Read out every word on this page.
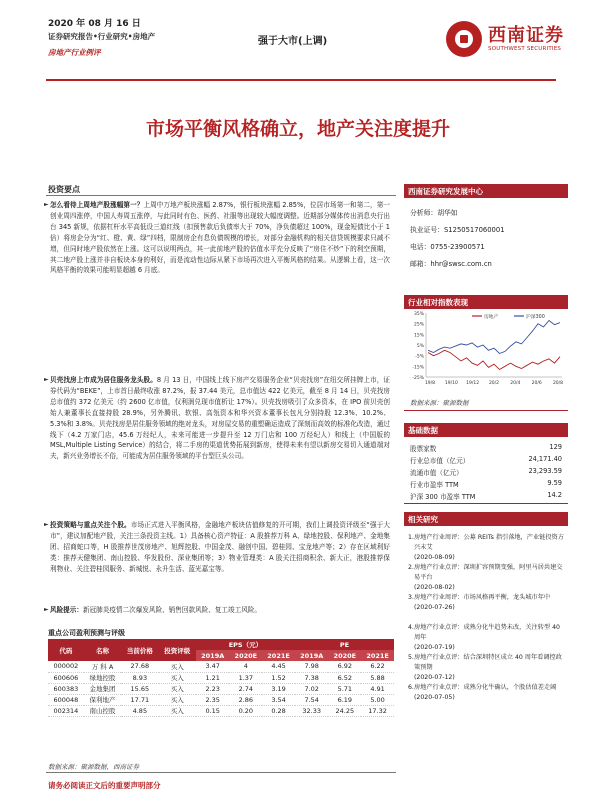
2020 年 08 月 16 日
证券研究报告•行业研究•房地产
房地产行业例评
强于大市(上调)	西南证券
SOUTHWEST SECURITIES
市场平衡风格确立，地产关注度提升
投资要点
► 怎么看待上周地产股涨幅第一？上周中万地产板块涨幅 2.87%，银行板块涨幅 2.85%，位居市场第一和第二，第一创业周四涨停，中国人寿周五涨停，与此同时有色、医药、社服等出现较大幅度调整。近期部分媒体传出消息央行出台 345 新规，依据杠杆水平高低设三道红线（扣预售款后负债率大于 70%，净负债超过 100%，现金短债比小于 1 倍）将房企分为“红、橙、黄、绿”四档，限制房企有息负债规模的增长，对部分金融机构的相关信贷规模要求只减不增，但同时地产股依然在上涨。这可以说明两点，其一此前地产股的估值水平充分反映了“房住不炒”下的利空预期，其二地产股上涨并非自板块本身的利好，而是流动性边际从紧下市场再次进入平衡风格的结果。从逻辑上看，这一次风格平衡的效果可能明显超越 6 月底。
► 贝壳找房上市成为居住服务龙头股。8 月 13 日，中国线上线下房产交易服务企业“贝壳找房”在纽交所挂牌上市，证券代码为“BEKE”，上市首日最终收涨 87.2%，报 37.44 美元，总市值达 422 亿美元，截至 8 月 14 日，贝壳找房总市值约 372 亿美元（约 2600 亿市值，仅利润兑现市值析让 17%）。贝壳找房吸引了众多资本，在 IPO 前贝壳创始人兼董事长直接持股 28.9%，另外腾讯、软银、高瓴资本和华兴资本董事长包凡分别持股 12.3%、10.2%、5.3%和 3.8%。贝壳找房是居住服务领域的绝对龙头，对房屋交易的重塑确运造成了深刻而高效的标准化改造，通过线下（4.2 万家门店，45.6 万经纪人，未来可能进一步提升至 12 万门店和 100 万经纪人）和线上（中国版的 MSL,Multiple Listing Service）的结合，将二手房的渠道优势拓展到新房，使得未来有望以新房交易切入通道端对夫，新兴业务增长不俗，可能成为居住服务领域的平台型巨头公司。
► 投资策略与重点关注个股。市场正式进入平衡风格，金融地产板块估值修复的开可期，我们上调投资评级至“强于大市”，建议加配地产股，关注三条投资主线。1）具备核心资产特征：A 股推荐万科 A、绿地控股、保利地产、金地集团、招商蛇口等，H 股推荐世茂房地产、旭辉控股、中国金茂、融创中国、碧桂园、宝龙地产等；2）存在区域利好类：推荐天健集团、南山控股、华发股份、深业集团等；3）物业管理类：A 股关注招商积余、新大正，港股推荐保利物业、关注碧桂园服务、新城悦、永升生活、蓝光嘉宝等。
► 风险提示：新冠肺炎疫情二次爆发风险、销售回款风险、复工竣工风险。
重点公司盈利预测与评级
代码	名称	当前价格	投资评级	EPS（元）			PE		
				2019A	2020E	2021E	2019A	2020E	2021E
000002	万 科 A	27.68	买入	3.47	4	4.45	7.98	6.92	6.22
600606	绿地控股	8.93	买入	1.21	1.37	1.52	7.38	6.52	5.88
600383	金地集团	15.65	买入	2.23	2.74	3.19	7.02	5.71	4.91
600048	保利地产	17.71	买入	2.35	2.86	3.54	7.54	6.19	5.00
002314	南山控股	4.85	买入	0.15	0.20	0.28	32.33	24.25	17.32
数据来源：聚源数据，西南证券
请务必阅读正文后的重要声明部分
西南证券研究发展中心
分析师：胡华如
执业证号：S1250517060001
电话：0755-23900571
邮箱：hhr@swsc.com.cn
行业相对指数表现
35%
25%
15%
5%
-5%
-15%
-25%
19/8 19/10 19/12 20/2 20/4 20/6 20/8
房地产	沪深300
数据来源：聚源数据
基础数据
股票家数	129
行业总市值（亿元）	24,171.40
流通市值（亿元）	23,293.59
行业市盈率 TTM	9.59
沪深 300 市盈率 TTM	14.2
相关研究
1. 房地产行业周评：公募 REITs 指引落地，产业链投资方兴未艾
(2020-08-09)
2. 房地产行业点评：深圳扩容预期变强，阿里马居共建交易平台
(2020-08-02)
3. 房地产行业周评：市场风格再平衡，龙头城市年中
(2020-07-26)
4. 房地产行业点评：成熟分化牛趋势未改，关注转型 40 周年
(2020-07-19)
5. 房地产行业点评：结合深圳特区成立 40 周年看调控政策预期
(2020-07-12)
6. 房地产行业点评：成熟分化牛确认，个股估值差走阔
(2020-07-05)
